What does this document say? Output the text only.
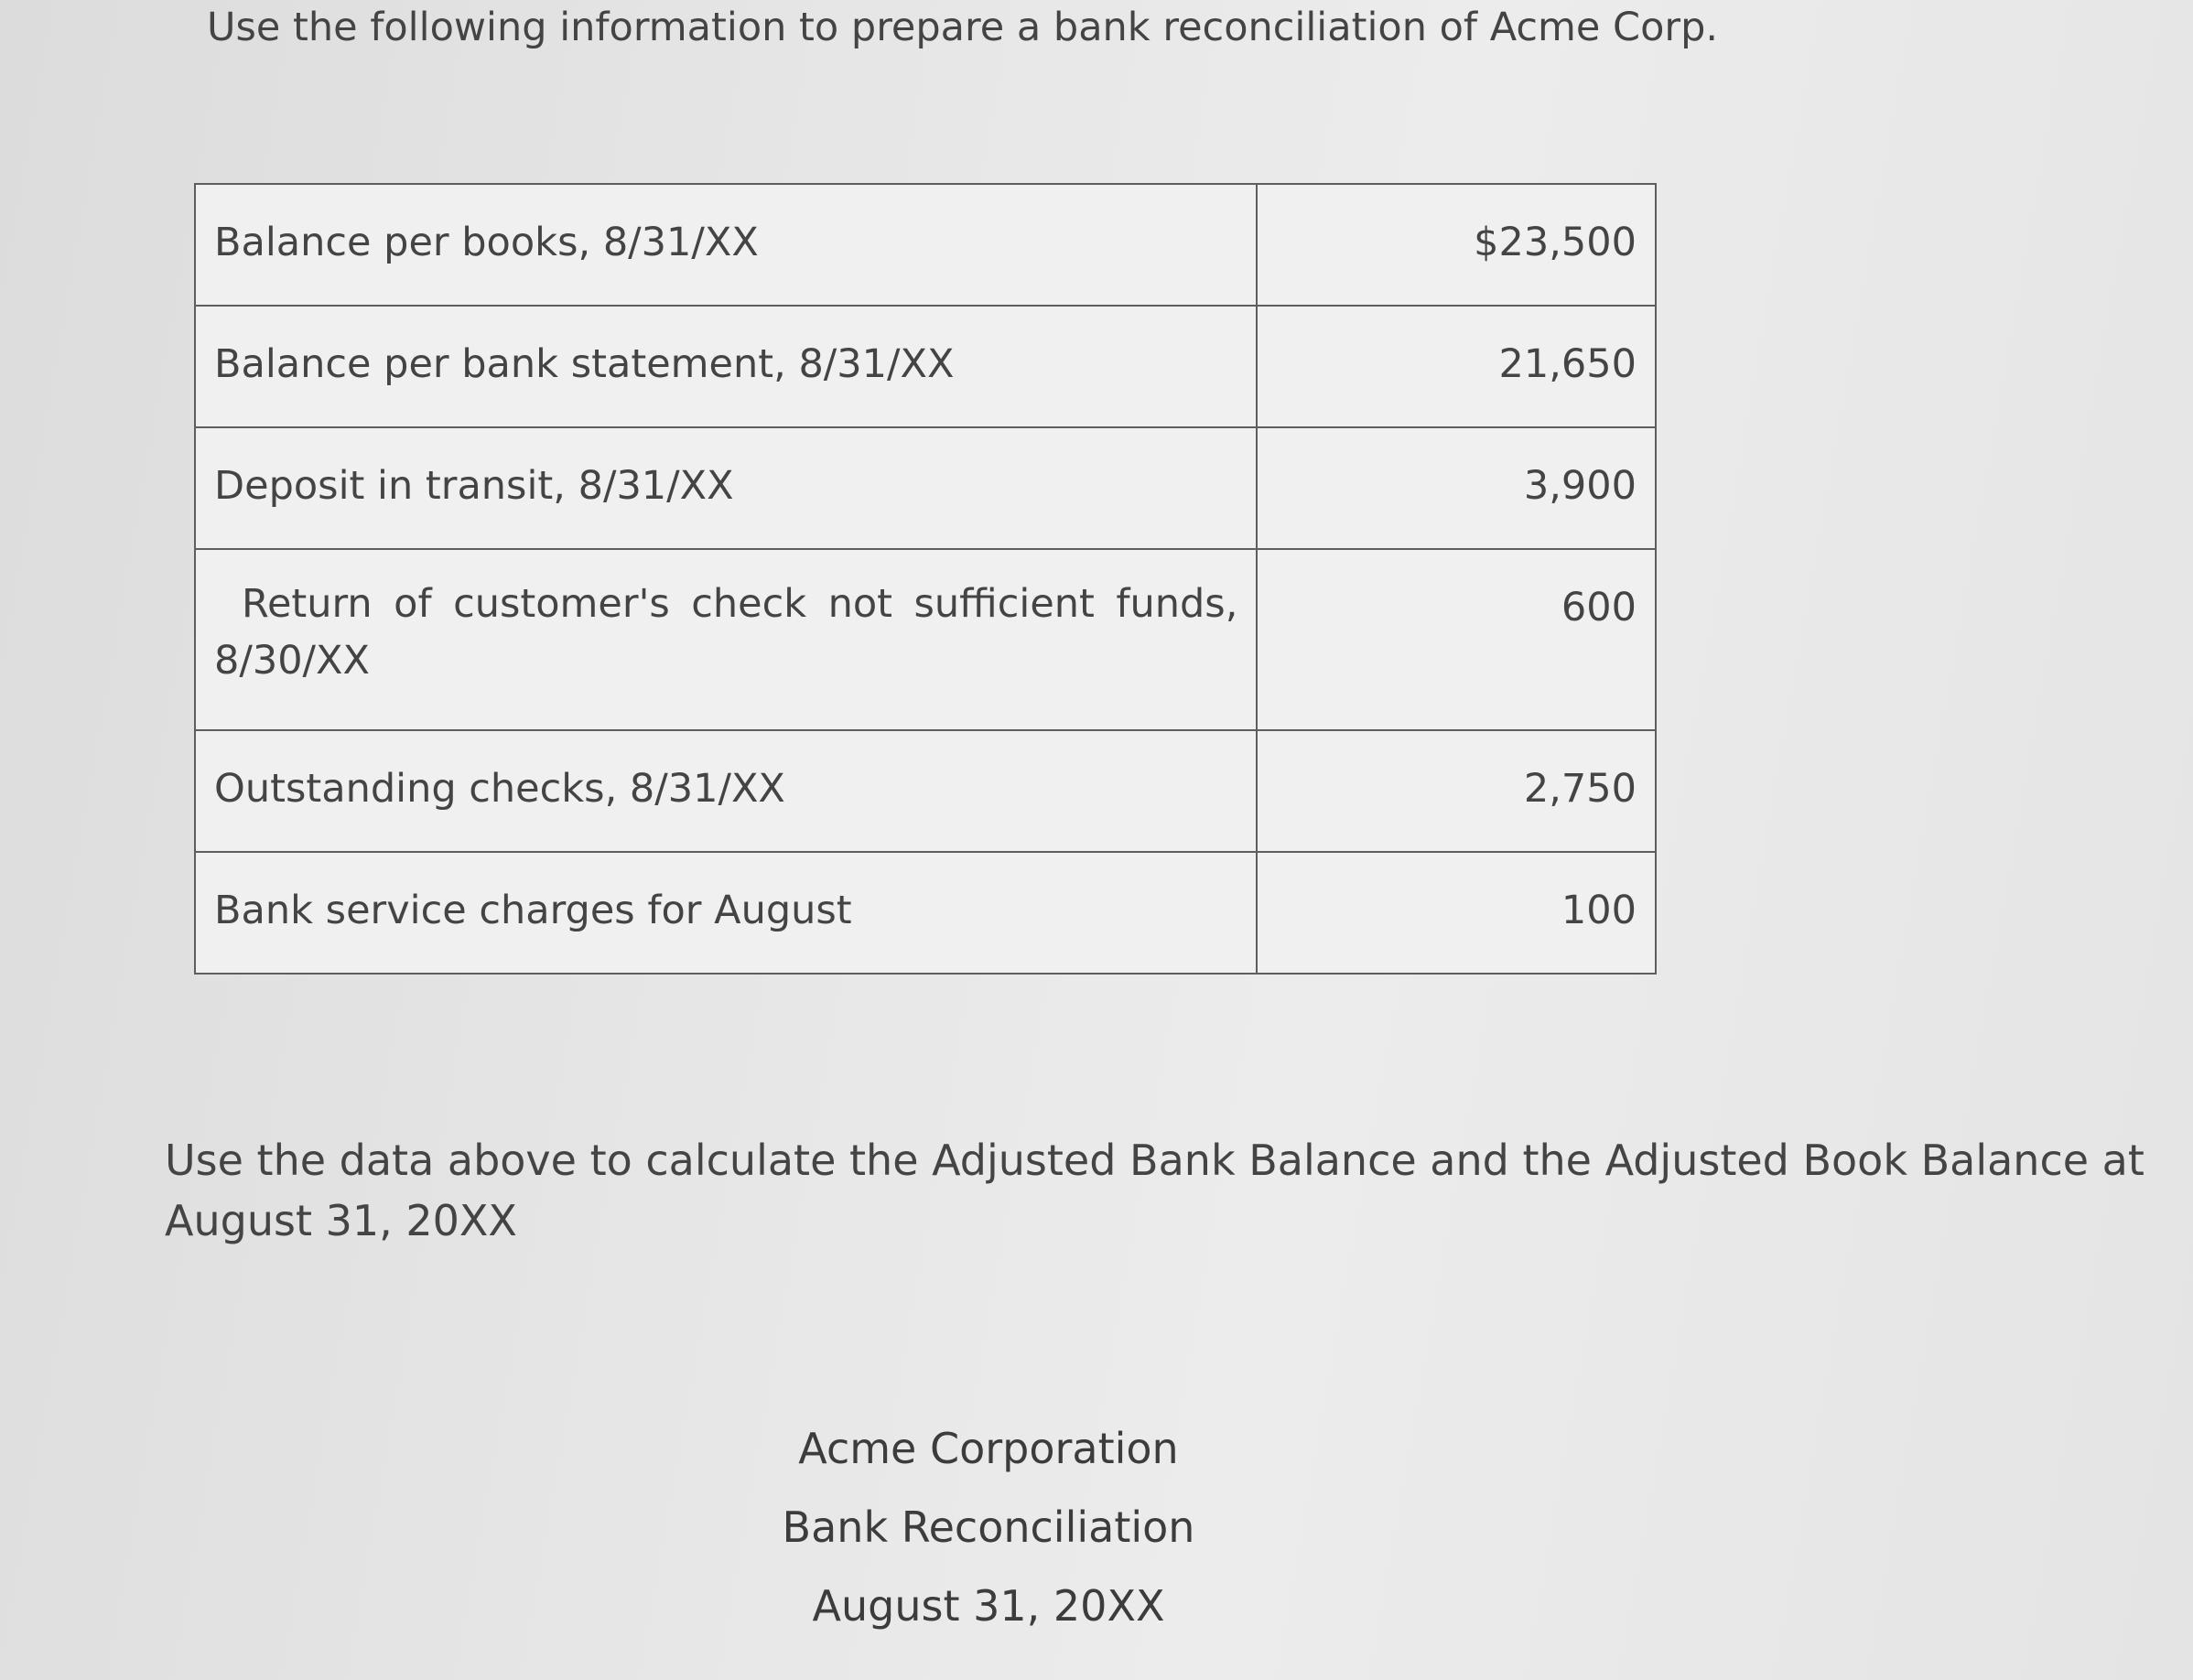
Use the following information to prepare a bank reconciliation of Acme Corp.

Balance per books, 8/31/XX	$23,500
Balance per bank statement, 8/31/XX	21,650
Deposit in transit, 8/31/XX	3,900
Return of customer's check not sufficient funds, 8/30/XX	600
Outstanding checks, 8/31/XX	2,750
Bank service charges for August	100

Use the data above to calculate the Adjusted Bank Balance and the Adjusted Book Balance at August 31, 20XX

Acme Corporation
Bank Reconciliation
August 31, 20XX
